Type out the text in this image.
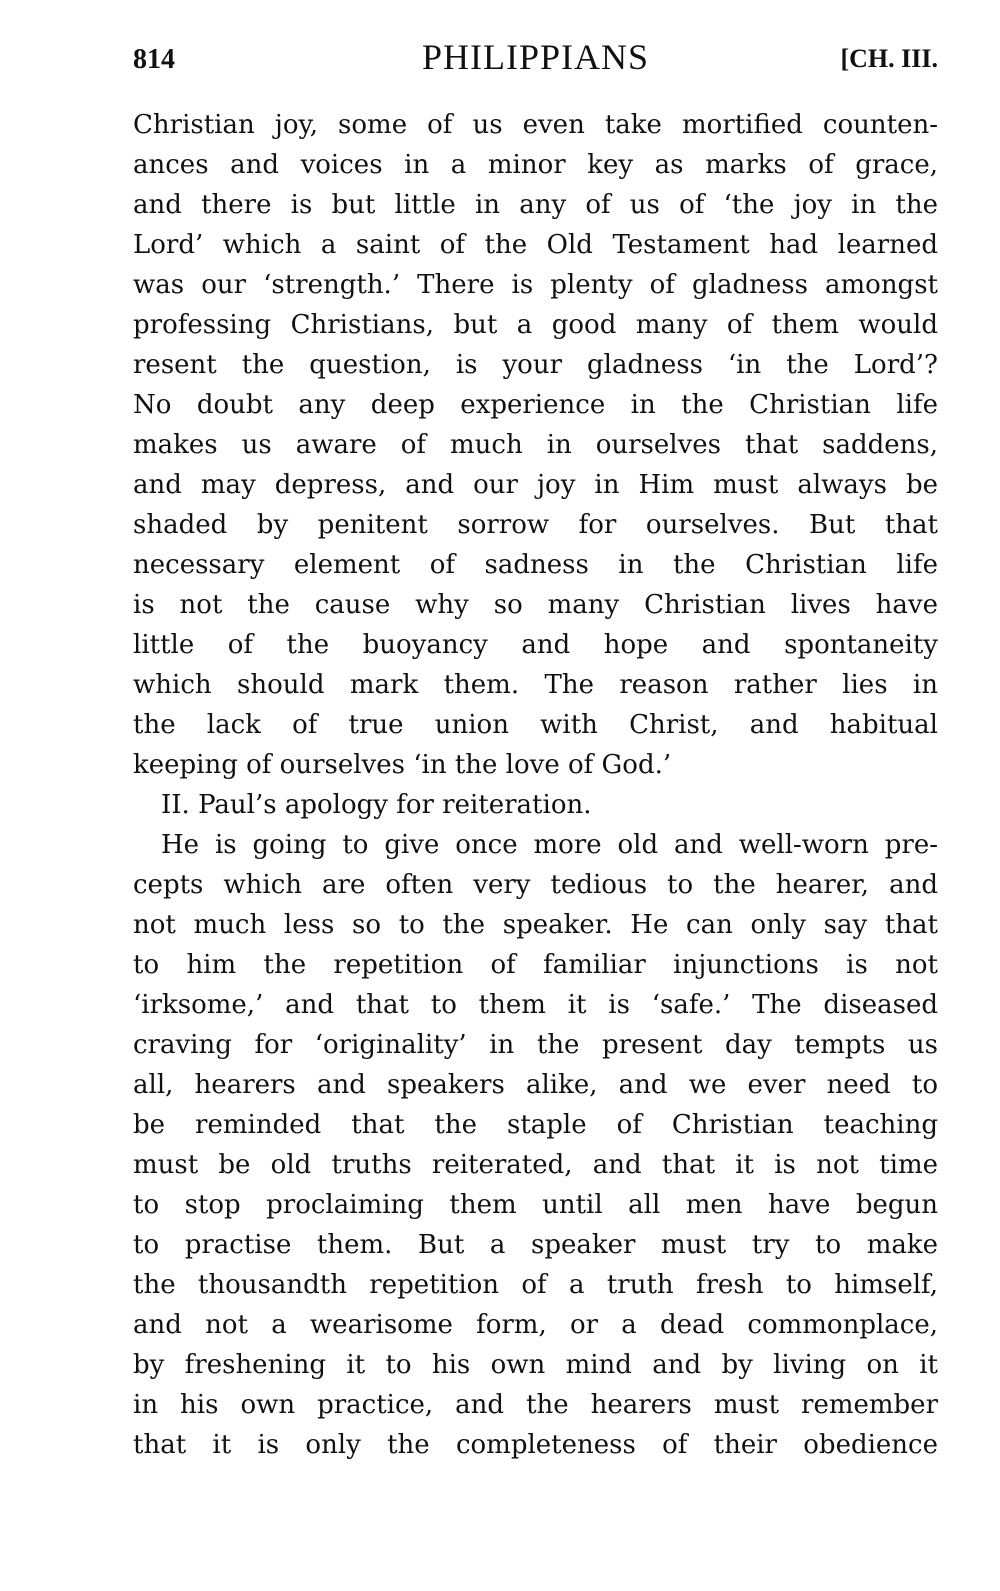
814	PHILIPPIANS	[CH. III.
Christian joy, some of us even take mortified counten-
ances and voices in a minor key as marks of grace,
and there is but little in any of us of ‘the joy in the
Lord’ which a saint of the Old Testament had learned
was our ‘strength.’ There is plenty of gladness amongst
professing Christians, but a good many of them would
resent the question, is your gladness ‘in the Lord’?
No doubt any deep experience in the Christian life
makes us aware of much in ourselves that saddens,
and may depress, and our joy in Him must always be
shaded by penitent sorrow for ourselves. But that
necessary element of sadness in the Christian life
is not the cause why so many Christian lives have
little of the buoyancy and hope and spontaneity
which should mark them. The reason rather lies in
the lack of true union with Christ, and habitual
keeping of ourselves ‘in the love of God.’
II. Paul’s apology for reiteration.
He is going to give once more old and well-worn pre-
cepts which are often very tedious to the hearer, and
not much less so to the speaker. He can only say that
to him the repetition of familiar injunctions is not
‘irksome,’ and that to them it is ‘safe.’ The diseased
craving for ‘originality’ in the present day tempts us
all, hearers and speakers alike, and we ever need to
be reminded that the staple of Christian teaching
must be old truths reiterated, and that it is not time
to stop proclaiming them until all men have begun
to practise them. But a speaker must try to make
the thousandth repetition of a truth fresh to himself,
and not a wearisome form, or a dead commonplace,
by freshening it to his own mind and by living on it
in his own practice, and the hearers must remember
that it is only the completeness of their obedience
